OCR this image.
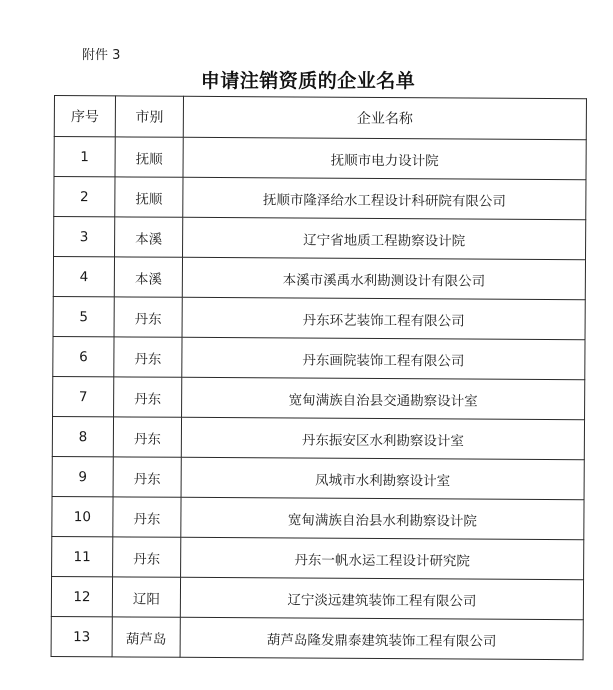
附件 3
申请注销资质的企业名单
序号	市别	企业名称
1	抚顺	抚顺市电力设计院
2	抚顺	抚顺市隆泽给水工程设计科研院有限公司
3	本溪	辽宁省地质工程勘察设计院
4	本溪	本溪市溪禹水利勘测设计有限公司
5	丹东	丹东环艺装饰工程有限公司
6	丹东	丹东画院装饰工程有限公司
7	丹东	宽甸满族自治县交通勘察设计室
8	丹东	丹东振安区水利勘察设计室
9	丹东	凤城市水利勘察设计室
10	丹东	宽甸满族自治县水利勘察设计院
11	丹东	丹东一帆水运工程设计研究院
12	辽阳	辽宁淡远建筑装饰工程有限公司
13	葫芦岛	葫芦岛隆发鼎泰建筑装饰工程有限公司
